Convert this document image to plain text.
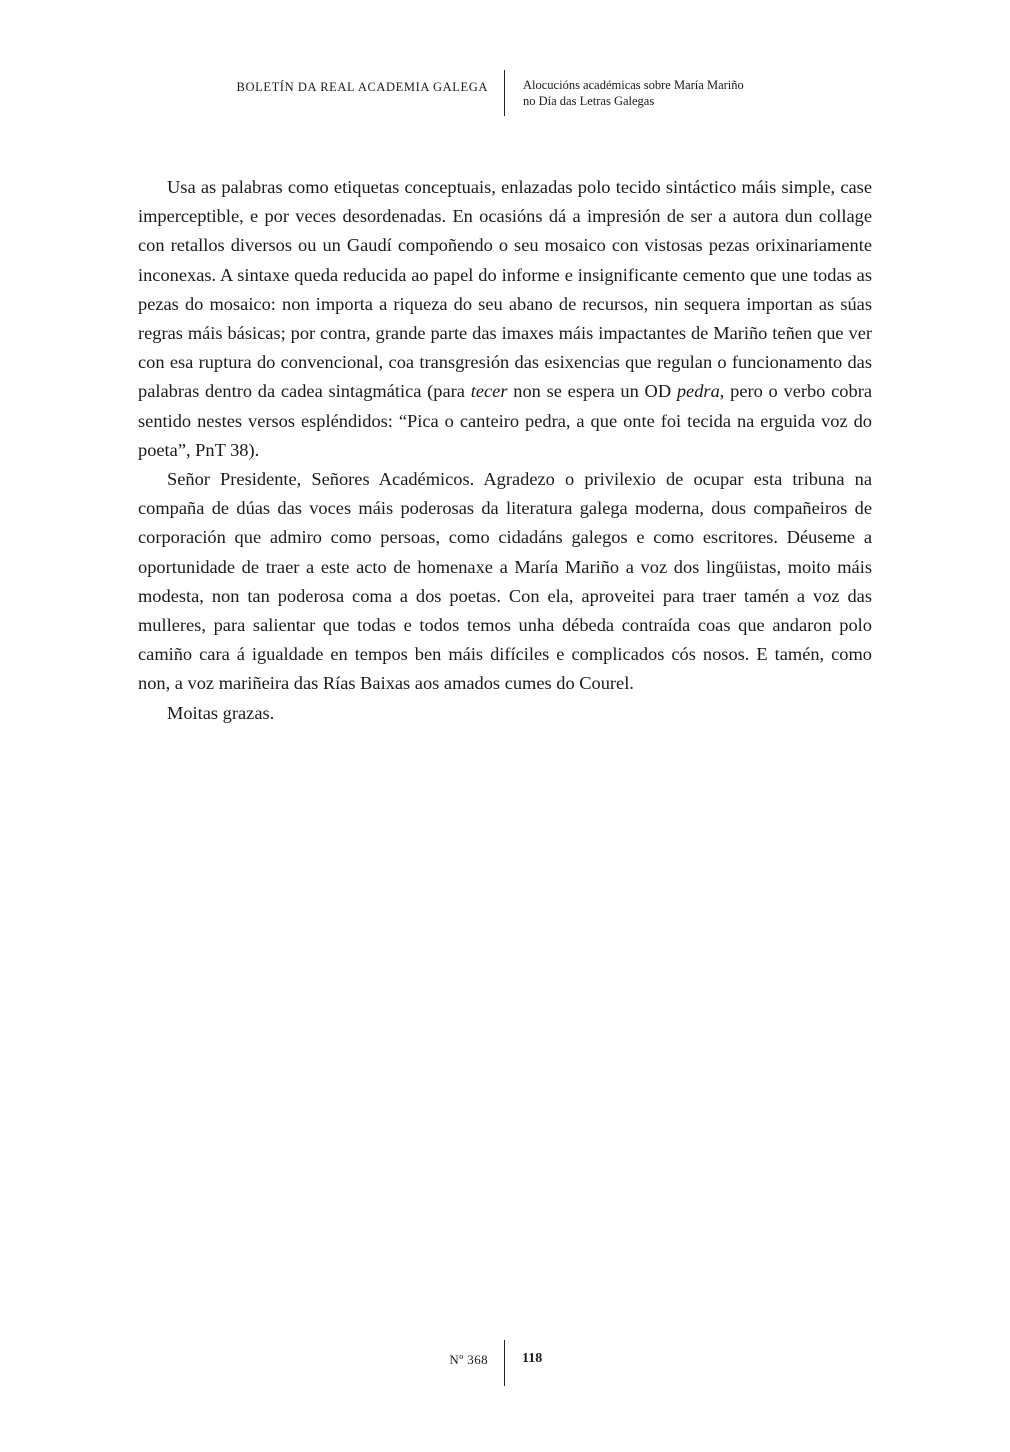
BOLETÍN DA REAL ACADEMIA GALEGA	Alocucións académicas sobre María Mariño
no Día das Letras Galegas

Usa as palabras como etiquetas conceptuais, enlazadas polo tecido sintáctico máis simple, case imperceptible, e por veces desordenadas. En ocasións dá a impresión de ser a autora dun collage con retallos diversos ou un Gaudí compoñendo o seu mosaico con vistosas pezas orixinariamente inconexas. A sintaxe queda reducida ao papel do informe e insignificante cemento que une todas as pezas do mosaico: non importa a riqueza do seu abano de recursos, nin sequera importan as súas regras máis básicas; por contra, grande parte das imaxes máis impactantes de Mariño teñen que ver con esa ruptura do convencional, coa transgresión das esixencias que regulan o funcionamento das palabras dentro da cadea sintagmática (para tecer non se espera un OD pedra, pero o verbo cobra sentido nestes versos espléndidos: “Pica o canteiro pedra, a que onte foi tecida na erguida voz do poeta”, PnT 38).

Señor Presidente, Señores Académicos. Agradezo o privilexio de ocupar esta tribuna na compaña de dúas das voces máis poderosas da literatura galega moderna, dous compañeiros de corporación que admiro como persoas, como cidadáns galegos e como escritores. Déuseme a oportunidade de traer a este acto de homenaxe a María Mariño a voz dos lingüistas, moito máis modesta, non tan poderosa coma a dos poetas. Con ela, aproveitei para traer tamén a voz das mulleres, para salientar que todas e todos temos unha débeda contraída coas que andaron polo camiño cara á igualdade en tempos ben máis difíciles e complicados cós nosos. E tamén, como non, a voz mariñeira das Rías Baixas aos amados cumes do Courel.

Moitas grazas.

Nº 368 118
